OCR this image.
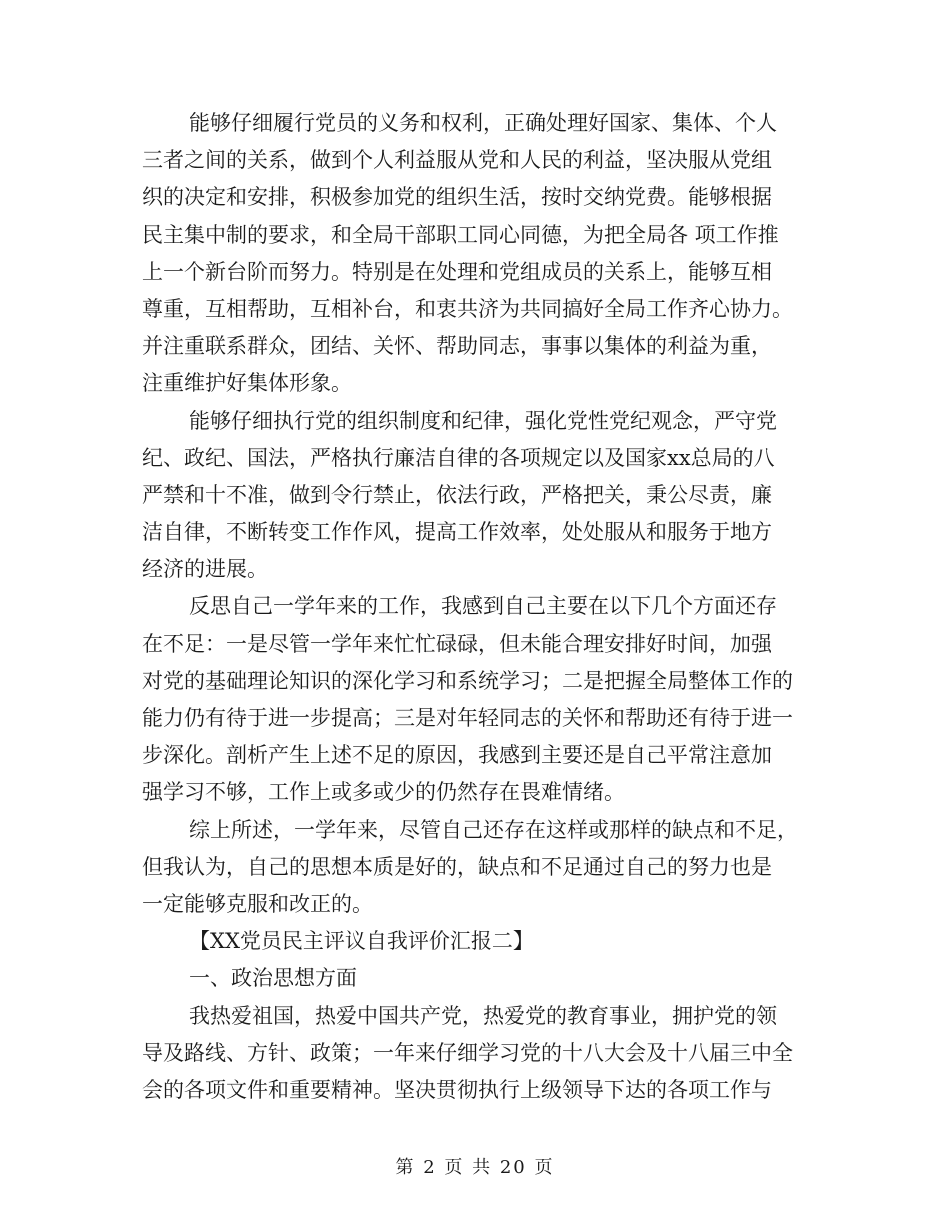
能够仔细履行党员的义务和权利，正确处理好国家、集体、个人
三者之间的关系，做到个人利益服从党和人民的利益，坚决服从党组
织的决定和安排，积极参加党的组织生活，按时交纳党费。能够根据
民主集中制的要求，和全局干部职工同心同德，为把全局各 项工作推
上一个新台阶而努力。特别是在处理和党组成员的关系上，能够互相
尊重，互相帮助，互相补台，和衷共济为共同搞好全局工作齐心协力。
并注重联系群众，团结、关怀、帮助同志，事事以集体的利益为重，
注重维护好集体形象。
能够仔细执行党的组织制度和纪律，强化党性党纪观念，严守党
纪、政纪、国法，严格执行廉洁自律的各项规定以及国家xx总局的八
严禁和十不准，做到令行禁止，依法行政，严格把关，秉公尽责，廉
洁自律，不断转变工作作风，提高工作效率，处处服从和服务于地方
经济的进展。
反思自己一学年来的工作，我感到自己主要在以下几个方面还存
在不足：一是尽管一学年来忙忙碌碌，但未能合理安排好时间，加强
对党的基础理论知识的深化学习和系统学习；二是把握全局整体工作的
能力仍有待于进一步提高；三是对年轻同志的关怀和帮助还有待于进一
步深化。剖析产生上述不足的原因，我感到主要还是自己平常注意加
强学习不够，工作上或多或少的仍然存在畏难情绪。
综上所述，一学年来，尽管自己还存在这样或那样的缺点和不足，
但我认为，自己的思想本质是好的，缺点和不足通过自己的努力也是
一定能够克服和改正的。
【XX党员民主评议自我评价汇报二】
一、政治思想方面
我热爱祖国，热爱中国共产党，热爱党的教育事业，拥护党的领
导及路线、方针、政策；一年来仔细学习党的十八大会及十八届三中全
会的各项文件和重要精神。坚决贯彻执行上级领导下达的各项工作与
第 2 页 共 20 页
